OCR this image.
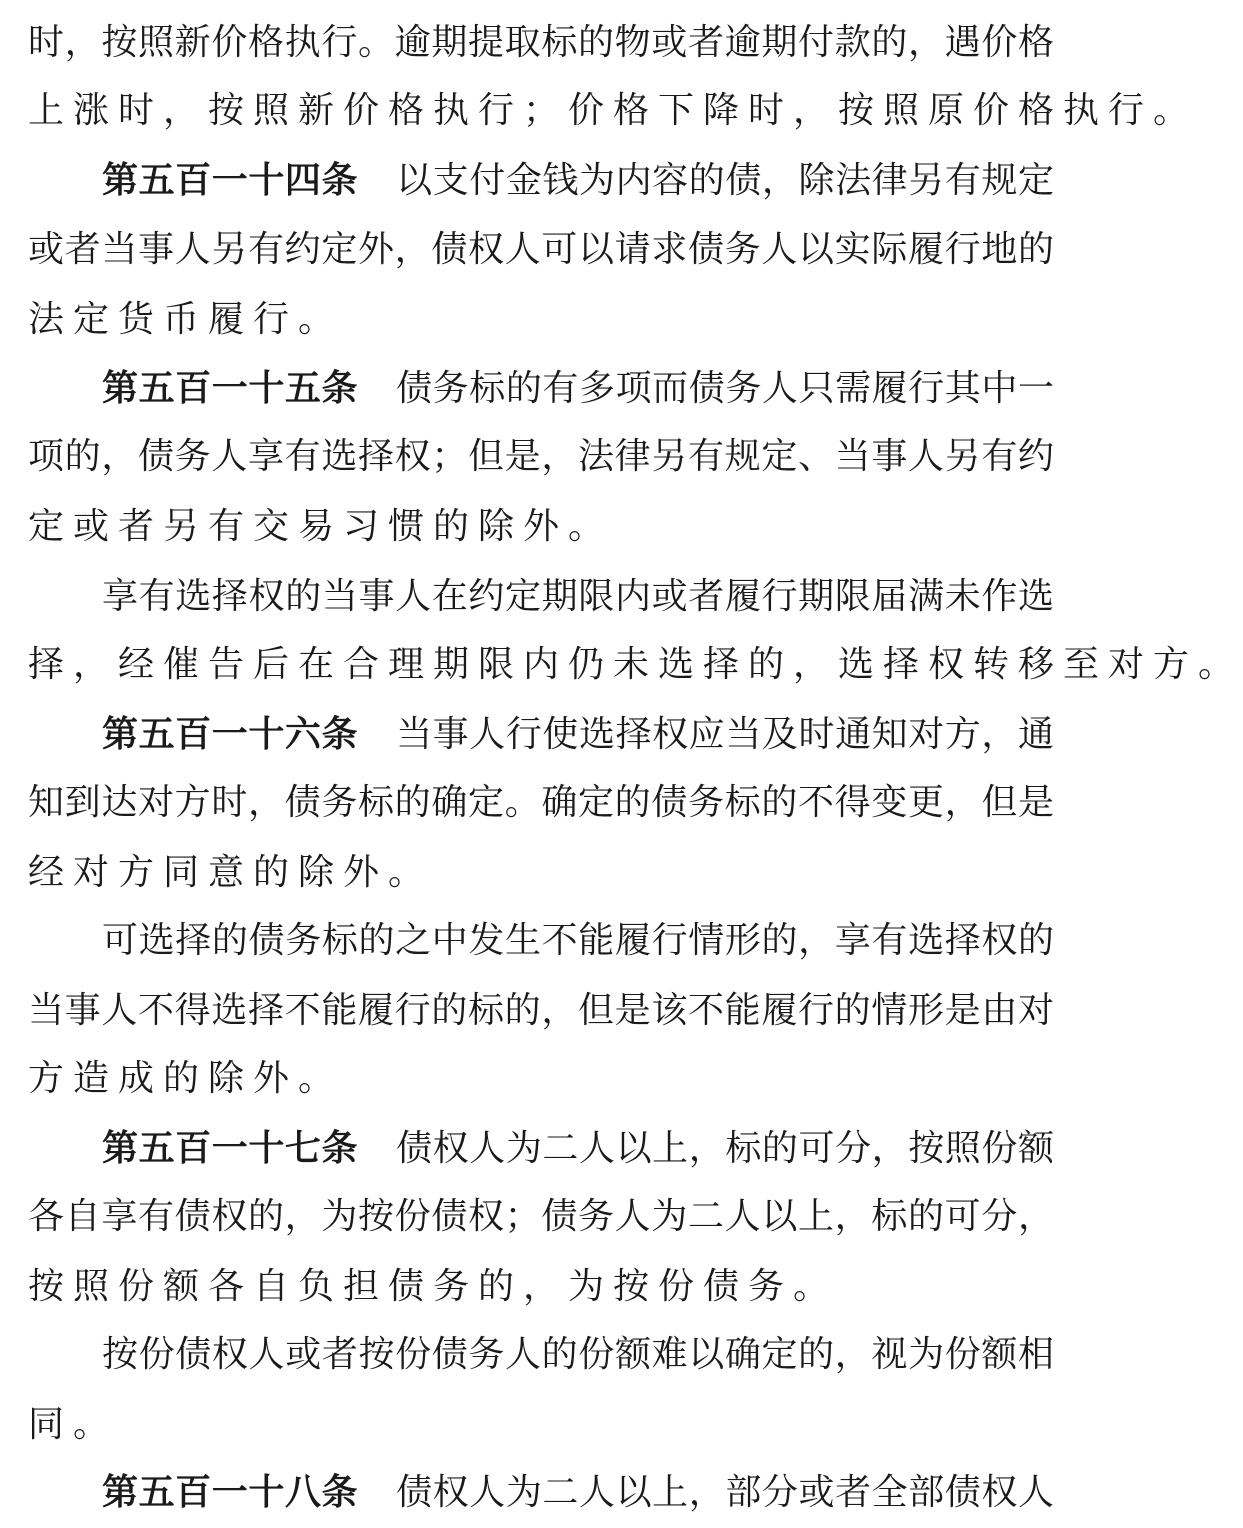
时，按照新价格执行。逾期提取标的物或者逾期付款的，遇价格
上涨时，按照新价格执行；价格下降时，按照原价格执行。
第五百一十四条 以支付金钱为内容的债，除法律另有规定
或者当事人另有约定外，债权人可以请求债务人以实际履行地的
法定货币履行。
第五百一十五条 债务标的有多项而债务人只需履行其中一
项的，债务人享有选择权；但是，法律另有规定、当事人另有约
定或者另有交易习惯的除外。
享有选择权的当事人在约定期限内或者履行期限届满未作选
择，经催告后在合理期限内仍未选择的，选择权转移至对方。
第五百一十六条 当事人行使选择权应当及时通知对方，通
知到达对方时，债务标的确定。确定的债务标的不得变更，但是
经对方同意的除外。
可选择的债务标的之中发生不能履行情形的，享有选择权的
当事人不得选择不能履行的标的，但是该不能履行的情形是由对
方造成的除外。
第五百一十七条 债权人为二人以上，标的可分，按照份额
各自享有债权的，为按份债权；债务人为二人以上，标的可分，
按照份额各自负担债务的，为按份债务。
按份债权人或者按份债务人的份额难以确定的，视为份额相
同。
第五百一十八条 债权人为二人以上，部分或者全部债权人
